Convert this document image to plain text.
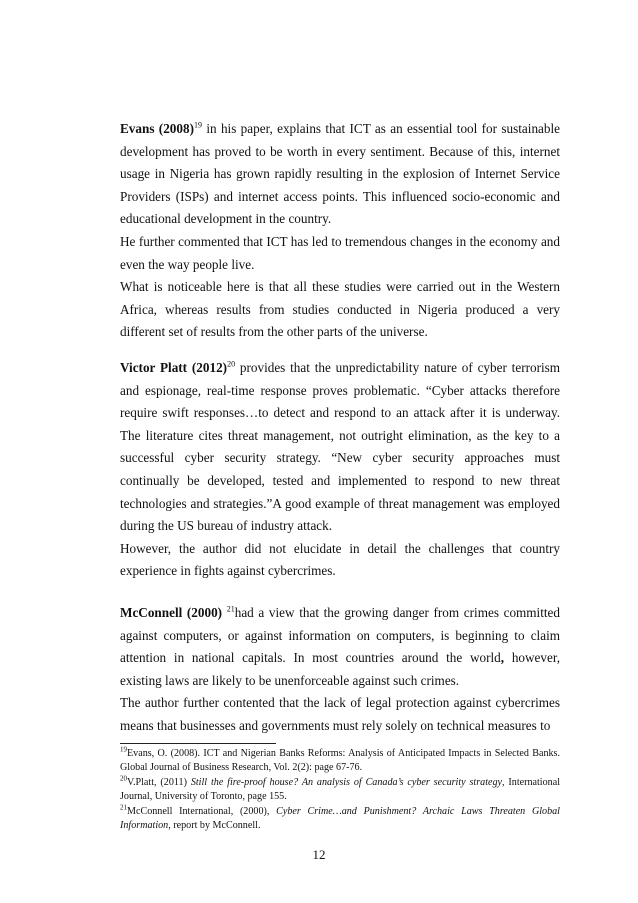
Evans (2008)$^{19}$ in his paper, explains that ICT as an essential tool for sustainable development has proved to be worth in every sentiment. Because of this, internet usage in Nigeria has grown rapidly resulting in the explosion of Internet Service Providers (ISPs) and internet access points. This influenced socio-economic and educational development in the country.

He further commented that ICT has led to tremendous changes in the economy and even the way people live.

What is noticeable here is that all these studies were carried out in the Western Africa, whereas results from studies conducted in Nigeria produced a very different set of results from the other parts of the universe.

Victor Platt (2012)$^{20}$ provides that the unpredictability nature of cyber terrorism and espionage, real-time response proves problematic. “Cyber attacks therefore require swift responses…to detect and respond to an attack after it is underway. The literature cites threat management, not outright elimination, as the key to a successful cyber security strategy. “New cyber security approaches must continually be developed, tested and implemented to respond to new threat technologies and strategies.”A good example of threat management was employed during the US bureau of industry attack.

However, the author did not elucidate in detail the challenges that country experience in fights against cybercrimes.

McConnell (2000) $^{21}$had a view that the growing danger from crimes committed against computers, or against information on computers, is beginning to claim attention in national capitals. In most countries around the world, however, existing laws are likely to be unenforceable against such crimes.

The author further contented that the lack of legal protection against cybercrimes means that businesses and governments must rely solely on technical measures to

$^{19}$Evans, O. (2008). ICT and Nigerian Banks Reforms: Analysis of Anticipated Impacts in Selected Banks. Global Journal of Business Research, Vol. 2(2): page 67-76.

$^{20}$V.Platt, (2011) Still the fire-proof house? An analysis of Canada’s cyber security strategy, International Journal, University of Toronto, page 155.

$^{21}$McConnell International, (2000), Cyber Crime…and Punishment? Archaic Laws Threaten Global Information, report by McConnell.

12
